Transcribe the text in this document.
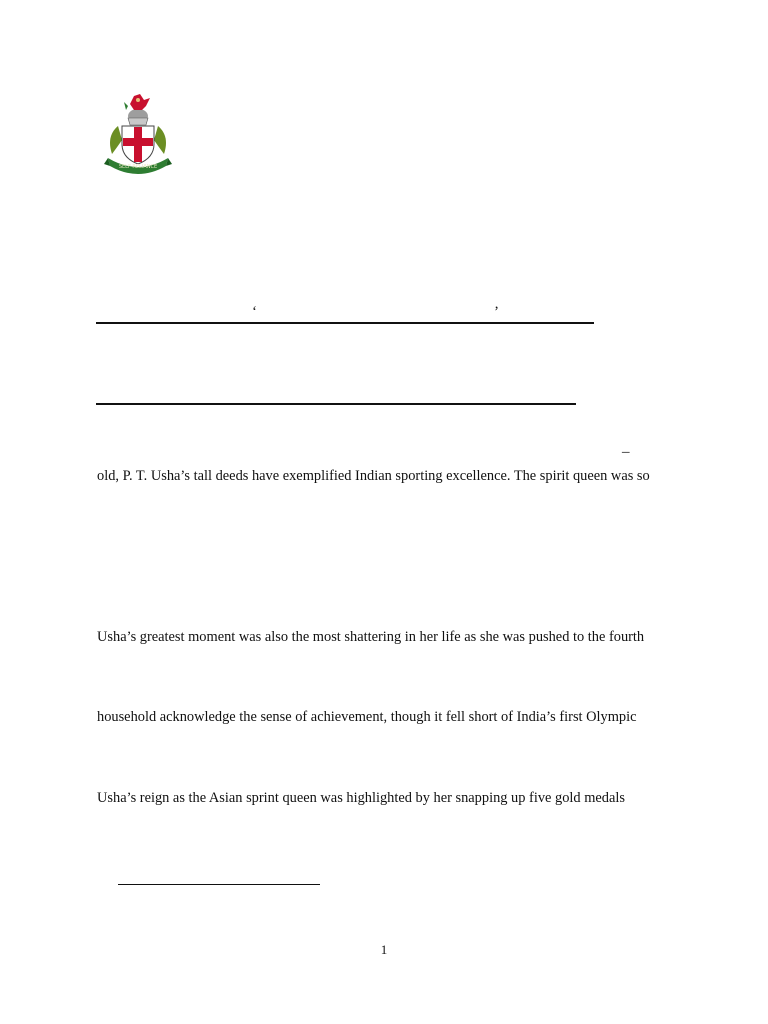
SELF RELIANCE
‘	’
_
old, P. T. Usha’s tall deeds have exemplified Indian sporting excellence. The spirit queen was so
Usha’s greatest moment was also the most shattering in her life as she was pushed to the fourth
household acknowledge the sense of achievement, though it fell short of India’s first Olympic
Usha’s reign as the Asian sprint queen was highlighted by her snapping up five gold medals
1
